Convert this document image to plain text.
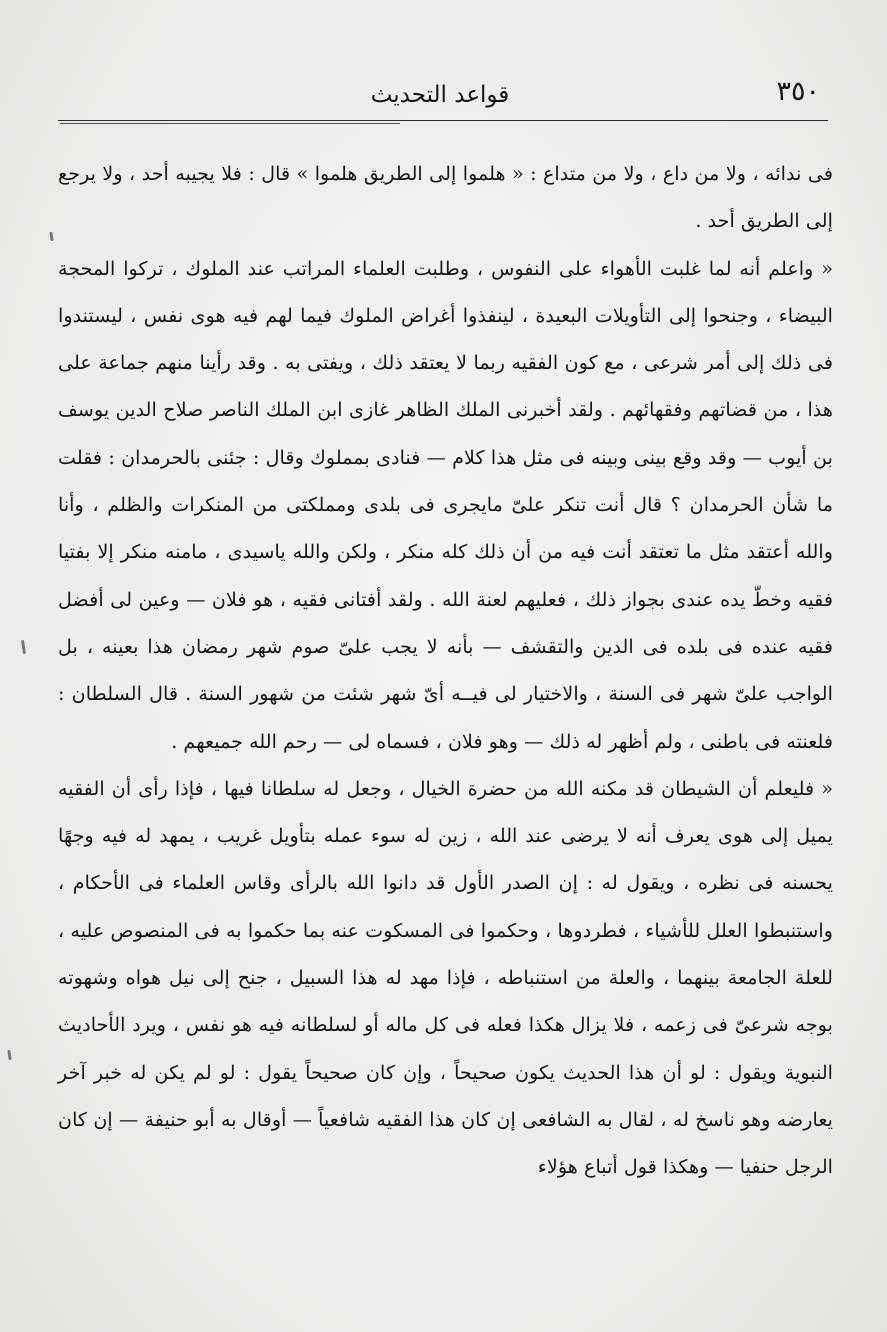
٣٥٠
قواعد التحديث

فى ندائه ، ولا من داع ، ولا من متداع : « هلموا إلى الطريق هلموا » قال : فلا يجيبه أحد ، ولا يرجع إلى الطريق أحد .

« واعلم أنه لما غلبت الأهواء على النفوس ، وطلبت العلماء المراتب عند الملوك ، تركوا المحجة البيضاء ، وجنحوا إلى التأويلات البعيدة ، لينفذوا أغراض الملوك فيما لهم فيه هوى نفس ، ليستندوا فى ذلك إلى أمر شرعى ، مع كون الفقيه ربما لا يعتقد ذلك ، ويفتى به . وقد رأينا منهم جماعة على هذا ، من قضاتهم وفقهائهم . ولقد أخبرنى الملك الظاهر غازى ابن الملك الناصر صلاح الدين يوسف بن أيوب — وقد وقع بينى وبينه فى مثل هذا كلام — فنادى بمملوك وقال : جئنى بالحرمدان : فقلت ما شأن الحرمدان ؟ قال أنت تنكر علىّ مايجرى فى بلدى ومملكتى من المنكرات والظلم ، وأنا والله أعتقد مثل ما تعتقد أنت فيه من أن ذلك كله منكر ، ولكن والله ياسيدى ، مامنه منكر إلا بفتيا فقيه وخطّ يده عندى بجواز ذلك ، فعليهم لعنة الله . ولقد أفتانى فقيه ، هو فلان — وعين لى أفضل فقيه عنده فى بلده فى الدين والتقشف — بأنه لا يجب علىّ صوم شهر رمضان هذا بعينه ، بل الواجب علىّ شهر فى السنة ، والاختيار لى فيــه أىّ شهر شئت من شهور السنة . قال السلطان : فلعنته فى باطنى ، ولم أظهر له ذلك — وهو فلان ، فسماه لى — رحم الله جميعهم .

« فليعلم أن الشيطان قد مكنه الله من حضرة الخيال ، وجعل له سلطانا فيها ، فإذا رأى أن الفقيه يميل إلى هوى يعرف أنه لا يرضى عند الله ، زين له سوء عمله بتأويل غريب ، يمهد له فيه وجهًا يحسنه فى نظره ، ويقول له : إن الصدر الأول قد دانوا الله بالرأى وقاس العلماء فى الأحكام ، واستنبطوا العلل للأشياء ، فطردوها ، وحكموا فى المسكوت عنه بما حكموا به فى المنصوص عليه ، للعلة الجامعة بينهما ، والعلة من استنباطه ، فإذا مهد له هذا السبيل ، جنح إلى نيل هواه وشهوته بوجه شرعىّ فى زعمه ، فلا يزال هكذا فعله فى كل ماله أو لسلطانه فيه هو نفس ، ويرد الأحاديث النبوية ويقول : لو أن هذا الحديث يكون صحيحاً ، وإن كان صحيحاً يقول : لو لم يكن له خبر آخر يعارضه وهو ناسخ له ، لقال به الشافعى إن كان هذا الفقيه شافعياً — أوقال به أبو حنيفة — إن كان الرجل حنفيا — وهكذا قول أتباع هؤلاء
